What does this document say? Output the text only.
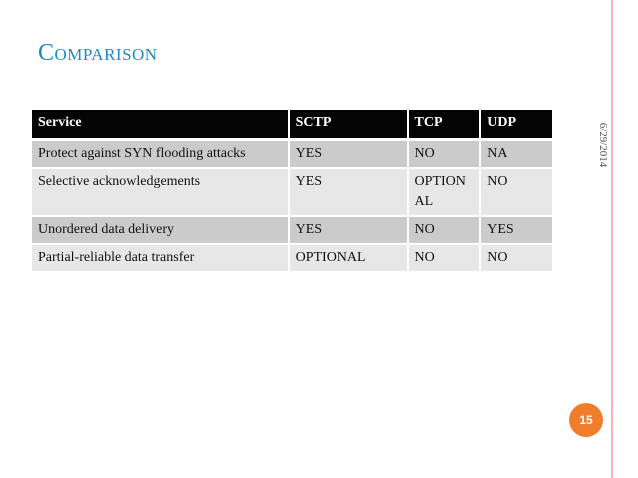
Comparison
6/29/2014
Service	SCTP	TCP	UDP
Protect against SYN flooding attacks	YES	NO	NA
Selective acknowledgements	YES	OPTIONAL	NO
Unordered data delivery	YES	NO	YES
Partial-reliable data transfer	OPTIONAL	NO	NO
15
